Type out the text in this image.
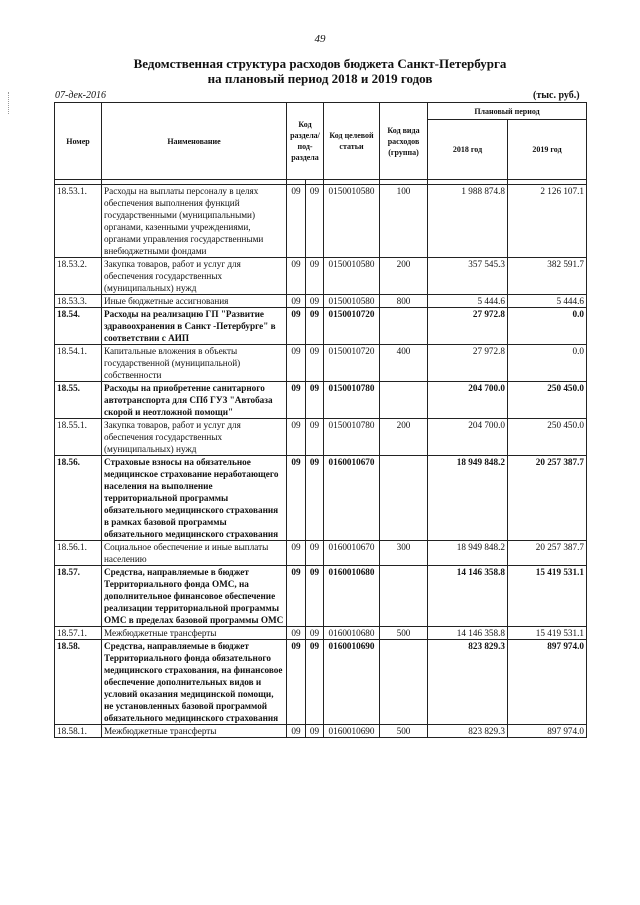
49
Ведомственная структура расходов бюджета Санкт-Петербурга
на плановый период 2018 и 2019 годов
07-дек-2016	(тыс. руб.)
Номер	Наименование	Код раздела/ под- раздела		Код целевой статьи	Код вида расходов (группа)	Плановый период	
						2018 год	2019 год

18.53.1.	Расходы на выплаты персоналу в целях обеспечения выполнения функций государственными (муниципальными) органами, казенными учреждениями, органами управления государственными внебюджетными фондами	09	09	0150010580	100	1 988 874.8	2 126 107.1
18.53.2.	Закупка товаров, работ и услуг для обеспечения государственных (муниципальных) нужд	09	09	0150010580	200	357 545.3	382 591.7
18.53.3.	Иные бюджетные ассигнования	09	09	0150010580	800	5 444.6	5 444.6
18.54.	Расходы на реализацию ГП "Развитие здравоохранения в Санкт -Петербурге" в соответствии с АИП	09	09	0150010720		27 972.8	0.0
18.54.1.	Капитальные вложения в объекты государственной (муниципальной) собственности	09	09	0150010720	400	27 972.8	0.0
18.55.	Расходы на приобретение санитарного автотранспорта для СПб ГУЗ "Автобаза скорой и неотложной помощи"	09	09	0150010780		204 700.0	250 450.0
18.55.1.	Закупка товаров, работ и услуг для обеспечения государственных (муниципальных) нужд	09	09	0150010780	200	204 700.0	250 450.0
18.56.	Страховые взносы на обязательное медицинское страхование неработающего населения на выполнение территориальной программы обязательного медицинского страхования в рамках базовой программы обязательного медицинского страхования	09	09	0160010670		18 949 848.2	20 257 387.7
18.56.1.	Социальное обеспечение и иные выплаты населению	09	09	0160010670	300	18 949 848.2	20 257 387.7
18.57.	Средства, направляемые в бюджет Территориального фонда ОМС, на дополнительное финансовое обеспечение реализации территориальной программы ОМС в пределах базовой программы ОМС	09	09	0160010680		14 146 358.8	15 419 531.1
18.57.1.	Межбюджетные трансферты	09	09	0160010680	500	14 146 358.8	15 419 531.1
18.58.	Средства, направляемые в бюджет Территориального фонда обязательного медицинского страхования, на финансовое обеспечение дополнительных видов и условий оказания медицинской помощи, не установленных базовой программой обязательного медицинского страхования	09	09	0160010690		823 829.3	897 974.0
18.58.1.	Межбюджетные трансферты	09	09	0160010690	500	823 829.3	897 974.0
